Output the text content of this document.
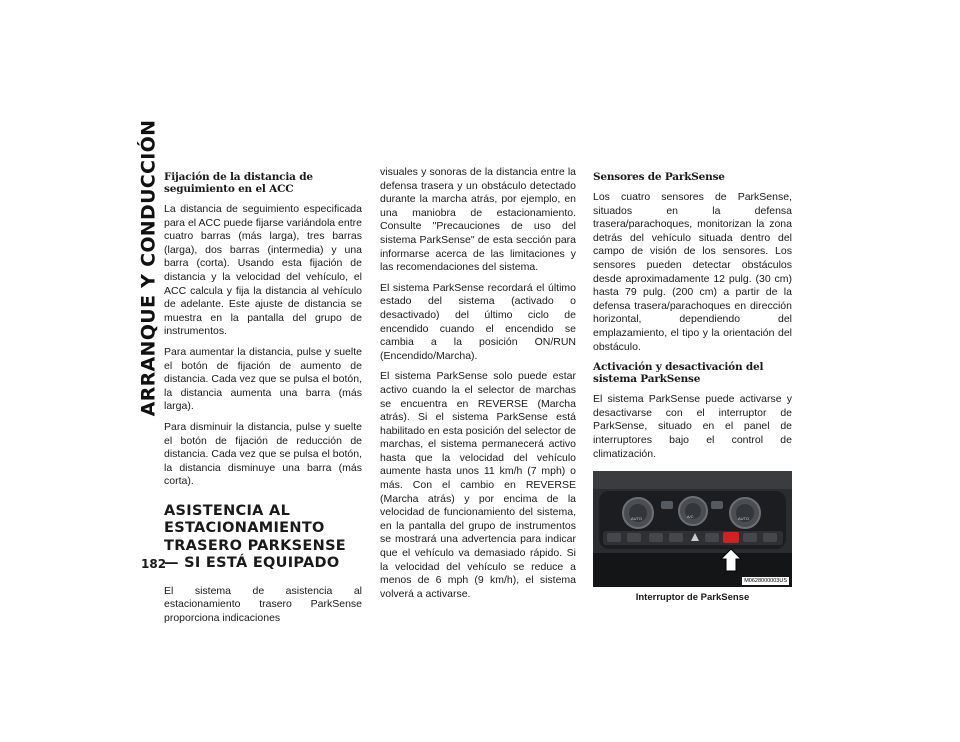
ARRANQUE Y CONDUCCIÓN
182
Fijación de la distancia de seguimiento en el ACC

La distancia de seguimiento especificada para el ACC puede fijarse variándola entre cuatro barras (más larga), tres barras (larga), dos barras (intermedia) y una barra (corta). Usando esta fijación de distancia y la velocidad del vehículo, el ACC calcula y fija la distancia al vehículo de adelante. Este ajuste de distancia se muestra en la pantalla del grupo de instrumentos.

Para aumentar la distancia, pulse y suelte el botón de fijación de aumento de distancia. Cada vez que se pulsa el botón, la distancia aumenta una barra (más larga).

Para disminuir la distancia, pulse y suelte el botón de fijación de reducción de distancia. Cada vez que se pulsa el botón, la distancia disminuye una barra (más corta).

ASISTENCIA AL ESTACIONAMIENTO TRASERO PARKSENSE — SI ESTÁ EQUIPADO

El sistema de asistencia al estacionamiento trasero ParkSense proporciona indicaciones

visuales y sonoras de la distancia entre la defensa trasera y un obstáculo detectado durante la marcha atrás, por ejemplo, en una maniobra de estacionamiento. Consulte "Precauciones de uso del sistema ParkSense" de esta sección para informarse acerca de las limitaciones y las recomendaciones del sistema.

El sistema ParkSense recordará el último estado del sistema (activado o desactivado) del último ciclo de encendido cuando el encendido se cambia a la posición ON/RUN (Encendido/Marcha).

El sistema ParkSense solo puede estar activo cuando la el selector de marchas se encuentra en REVERSE (Marcha atrás). Si el sistema ParkSense está habilitado en esta posición del selector de marchas, el sistema permanecerá activo hasta que la velocidad del vehículo aumente hasta unos 11 km/h (7 mph) o más. Con el cambio en REVERSE (Marcha atrás) y por encima de la velocidad de funcionamiento del sistema, en la pantalla del grupo de instrumentos se mostrará una advertencia para indicar que el vehículo va demasiado rápido. Si la velocidad del vehículo se reduce a menos de 6 mph (9 km/h), el sistema volverá a activarse.

Sensores de ParkSense

Los cuatro sensores de ParkSense, situados en la defensa trasera/parachoques, monitorizan la zona detrás del vehículo situada dentro del campo de visión de los sensores. Los sensores pueden detectar obstáculos desde aproximadamente 12 pulg. (30 cm) hasta 79 pulg. (200 cm) a partir de la defensa trasera/parachoques en dirección horizontal, dependiendo del emplazamiento, el tipo y la orientación del obstáculo.

Activación y desactivación del sistema ParkSense

El sistema ParkSense puede activarse y desactivarse con el interruptor de ParkSense, situado en el panel de interruptores bajo el control de climatización.

AUTO	A/C	AUTO
M0628000003US
Interruptor de ParkSense
